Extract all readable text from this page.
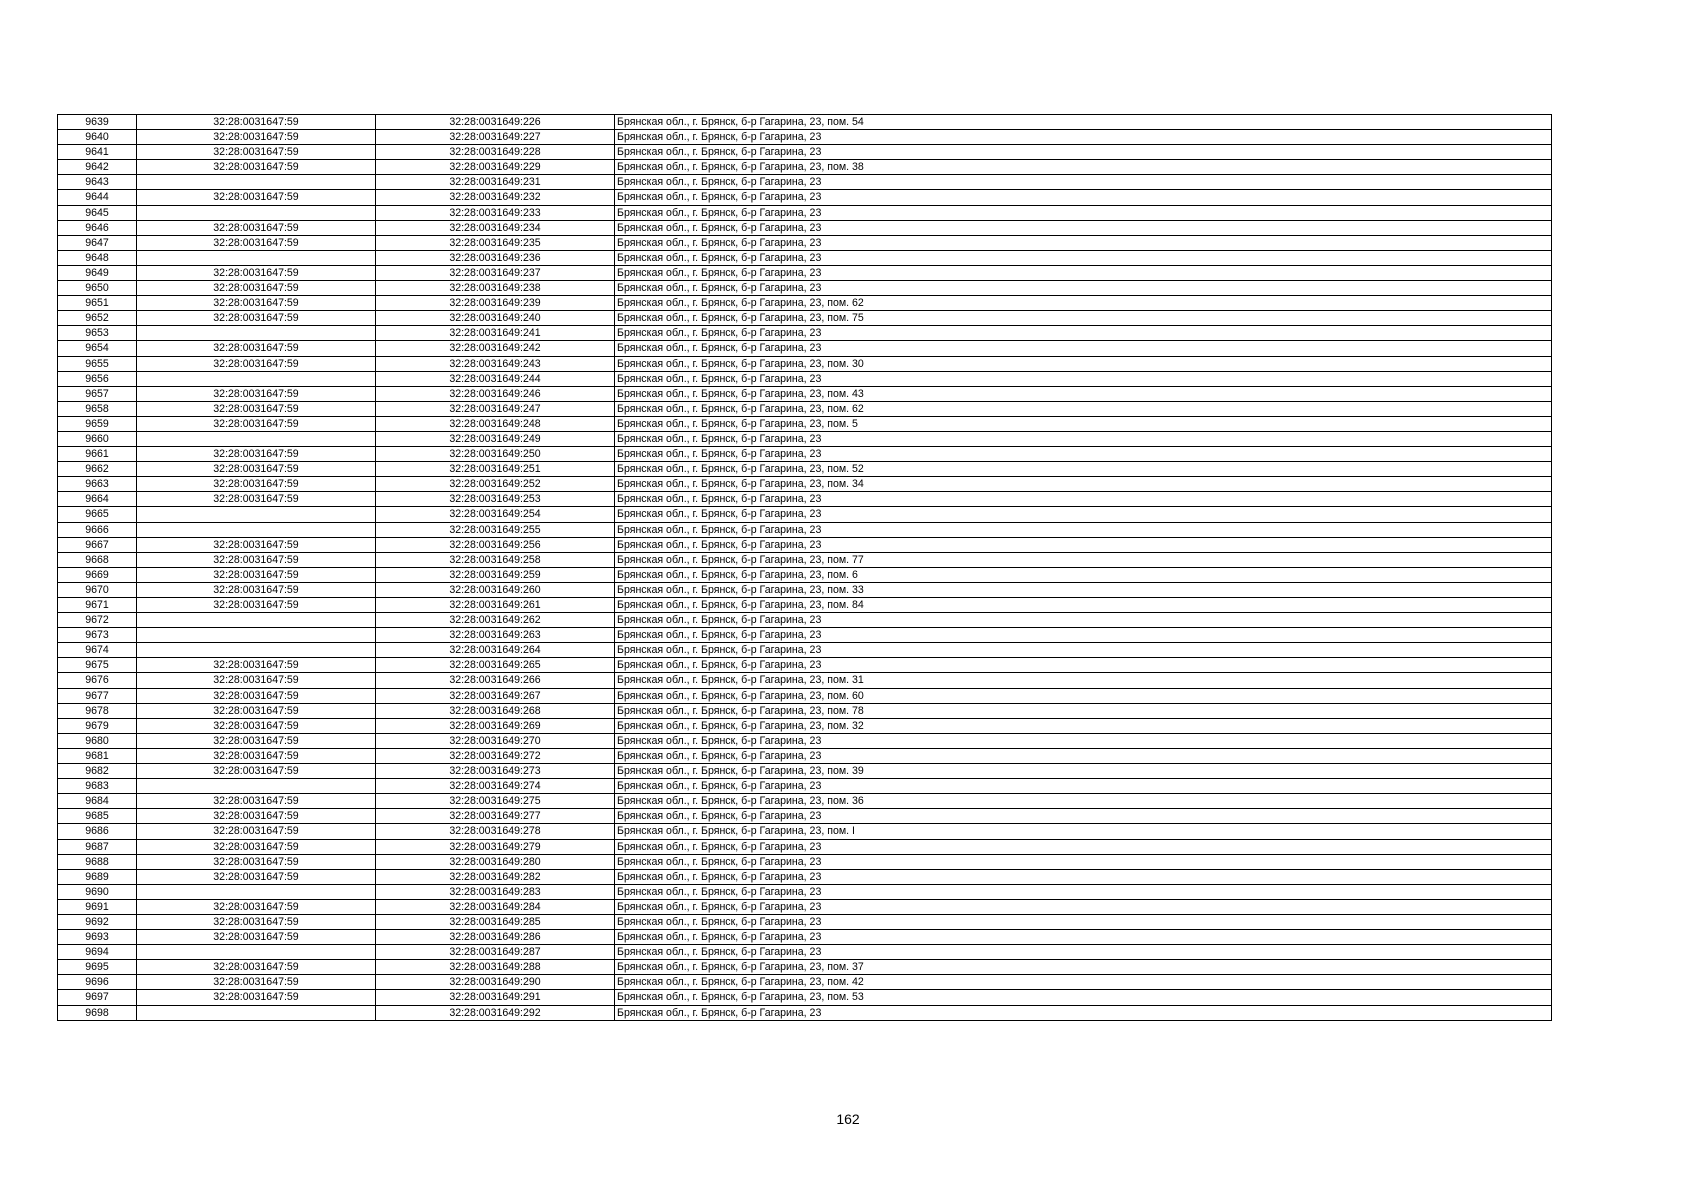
9639	32:28:0031647:59	32:28:0031649:226	Брянская обл., г. Брянск, б-р Гагарина, 23, пом. 54
9640	32:28:0031647:59	32:28:0031649:227	Брянская обл., г. Брянск, б-р Гагарина, 23
9641	32:28:0031647:59	32:28:0031649:228	Брянская обл., г. Брянск, б-р Гагарина, 23
9642	32:28:0031647:59	32:28:0031649:229	Брянская обл., г. Брянск, б-р Гагарина, 23, пом. 38
9643		32:28:0031649:231	Брянская обл., г. Брянск, б-р Гагарина, 23
9644	32:28:0031647:59	32:28:0031649:232	Брянская обл., г. Брянск, б-р Гагарина, 23
9645		32:28:0031649:233	Брянская обл., г. Брянск, б-р Гагарина, 23
9646	32:28:0031647:59	32:28:0031649:234	Брянская обл., г. Брянск, б-р Гагарина, 23
9647	32:28:0031647:59	32:28:0031649:235	Брянская обл., г. Брянск, б-р Гагарина, 23
9648		32:28:0031649:236	Брянская обл., г. Брянск, б-р Гагарина, 23
9649	32:28:0031647:59	32:28:0031649:237	Брянская обл., г. Брянск, б-р Гагарина, 23
9650	32:28:0031647:59	32:28:0031649:238	Брянская обл., г. Брянск, б-р Гагарина, 23
9651	32:28:0031647:59	32:28:0031649:239	Брянская обл., г. Брянск, б-р Гагарина, 23, пом. 62
9652	32:28:0031647:59	32:28:0031649:240	Брянская обл., г. Брянск, б-р Гагарина, 23, пом. 75
9653		32:28:0031649:241	Брянская обл., г. Брянск, б-р Гагарина, 23
9654	32:28:0031647:59	32:28:0031649:242	Брянская обл., г. Брянск, б-р Гагарина, 23
9655	32:28:0031647:59	32:28:0031649:243	Брянская обл., г. Брянск, б-р Гагарина, 23, пом. 30
9656		32:28:0031649:244	Брянская обл., г. Брянск, б-р Гагарина, 23
9657	32:28:0031647:59	32:28:0031649:246	Брянская обл., г. Брянск, б-р Гагарина, 23, пом. 43
9658	32:28:0031647:59	32:28:0031649:247	Брянская обл., г. Брянск, б-р Гагарина, 23, пом. 62
9659	32:28:0031647:59	32:28:0031649:248	Брянская обл., г. Брянск, б-р Гагарина, 23, пом. 5
9660		32:28:0031649:249	Брянская обл., г. Брянск, б-р Гагарина, 23
9661	32:28:0031647:59	32:28:0031649:250	Брянская обл., г. Брянск, б-р Гагарина, 23
9662	32:28:0031647:59	32:28:0031649:251	Брянская обл., г. Брянск, б-р Гагарина, 23, пом. 52
9663	32:28:0031647:59	32:28:0031649:252	Брянская обл., г. Брянск, б-р Гагарина, 23, пом. 34
9664	32:28:0031647:59	32:28:0031649:253	Брянская обл., г. Брянск, б-р Гагарина, 23
9665		32:28:0031649:254	Брянская обл., г. Брянск, б-р Гагарина, 23
9666		32:28:0031649:255	Брянская обл., г. Брянск, б-р Гагарина, 23
9667	32:28:0031647:59	32:28:0031649:256	Брянская обл., г. Брянск, б-р Гагарина, 23
9668	32:28:0031647:59	32:28:0031649:258	Брянская обл., г. Брянск, б-р Гагарина, 23, пом. 77
9669	32:28:0031647:59	32:28:0031649:259	Брянская обл., г. Брянск, б-р Гагарина, 23, пом. 6
9670	32:28:0031647:59	32:28:0031649:260	Брянская обл., г. Брянск, б-р Гагарина, 23, пом. 33
9671	32:28:0031647:59	32:28:0031649:261	Брянская обл., г. Брянск, б-р Гагарина, 23, пом. 84
9672		32:28:0031649:262	Брянская обл., г. Брянск, б-р Гагарина, 23
9673		32:28:0031649:263	Брянская обл., г. Брянск, б-р Гагарина, 23
9674		32:28:0031649:264	Брянская обл., г. Брянск, б-р Гагарина, 23
9675	32:28:0031647:59	32:28:0031649:265	Брянская обл., г. Брянск, б-р Гагарина, 23
9676	32:28:0031647:59	32:28:0031649:266	Брянская обл., г. Брянск, б-р Гагарина, 23, пом. 31
9677	32:28:0031647:59	32:28:0031649:267	Брянская обл., г. Брянск, б-р Гагарина, 23, пом. 60
9678	32:28:0031647:59	32:28:0031649:268	Брянская обл., г. Брянск, б-р Гагарина, 23, пом. 78
9679	32:28:0031647:59	32:28:0031649:269	Брянская обл., г. Брянск, б-р Гагарина, 23, пом. 32
9680	32:28:0031647:59	32:28:0031649:270	Брянская обл., г. Брянск, б-р Гагарина, 23
9681	32:28:0031647:59	32:28:0031649:272	Брянская обл., г. Брянск, б-р Гагарина, 23
9682	32:28:0031647:59	32:28:0031649:273	Брянская обл., г. Брянск, б-р Гагарина, 23, пом. 39
9683		32:28:0031649:274	Брянская обл., г. Брянск, б-р Гагарина, 23
9684	32:28:0031647:59	32:28:0031649:275	Брянская обл., г. Брянск, б-р Гагарина, 23, пом. 36
9685	32:28:0031647:59	32:28:0031649:277	Брянская обл., г. Брянск, б-р Гагарина, 23
9686	32:28:0031647:59	32:28:0031649:278	Брянская обл., г. Брянск, б-р Гагарина, 23, пом. I
9687	32:28:0031647:59	32:28:0031649:279	Брянская обл., г. Брянск, б-р Гагарина, 23
9688	32:28:0031647:59	32:28:0031649:280	Брянская обл., г. Брянск, б-р Гагарина, 23
9689	32:28:0031647:59	32:28:0031649:282	Брянская обл., г. Брянск, б-р Гагарина, 23
9690		32:28:0031649:283	Брянская обл., г. Брянск, б-р Гагарина, 23
9691	32:28:0031647:59	32:28:0031649:284	Брянская обл., г. Брянск, б-р Гагарина, 23
9692	32:28:0031647:59	32:28:0031649:285	Брянская обл., г. Брянск, б-р Гагарина, 23
9693	32:28:0031647:59	32:28:0031649:286	Брянская обл., г. Брянск, б-р Гагарина, 23
9694		32:28:0031649:287	Брянская обл., г. Брянск, б-р Гагарина, 23
9695	32:28:0031647:59	32:28:0031649:288	Брянская обл., г. Брянск, б-р Гагарина, 23, пом. 37
9696	32:28:0031647:59	32:28:0031649:290	Брянская обл., г. Брянск, б-р Гагарина, 23, пом. 42
9697	32:28:0031647:59	32:28:0031649:291	Брянская обл., г. Брянск, б-р Гагарина, 23, пом. 53
9698		32:28:0031649:292	Брянская обл., г. Брянск, б-р Гагарина, 23
162
